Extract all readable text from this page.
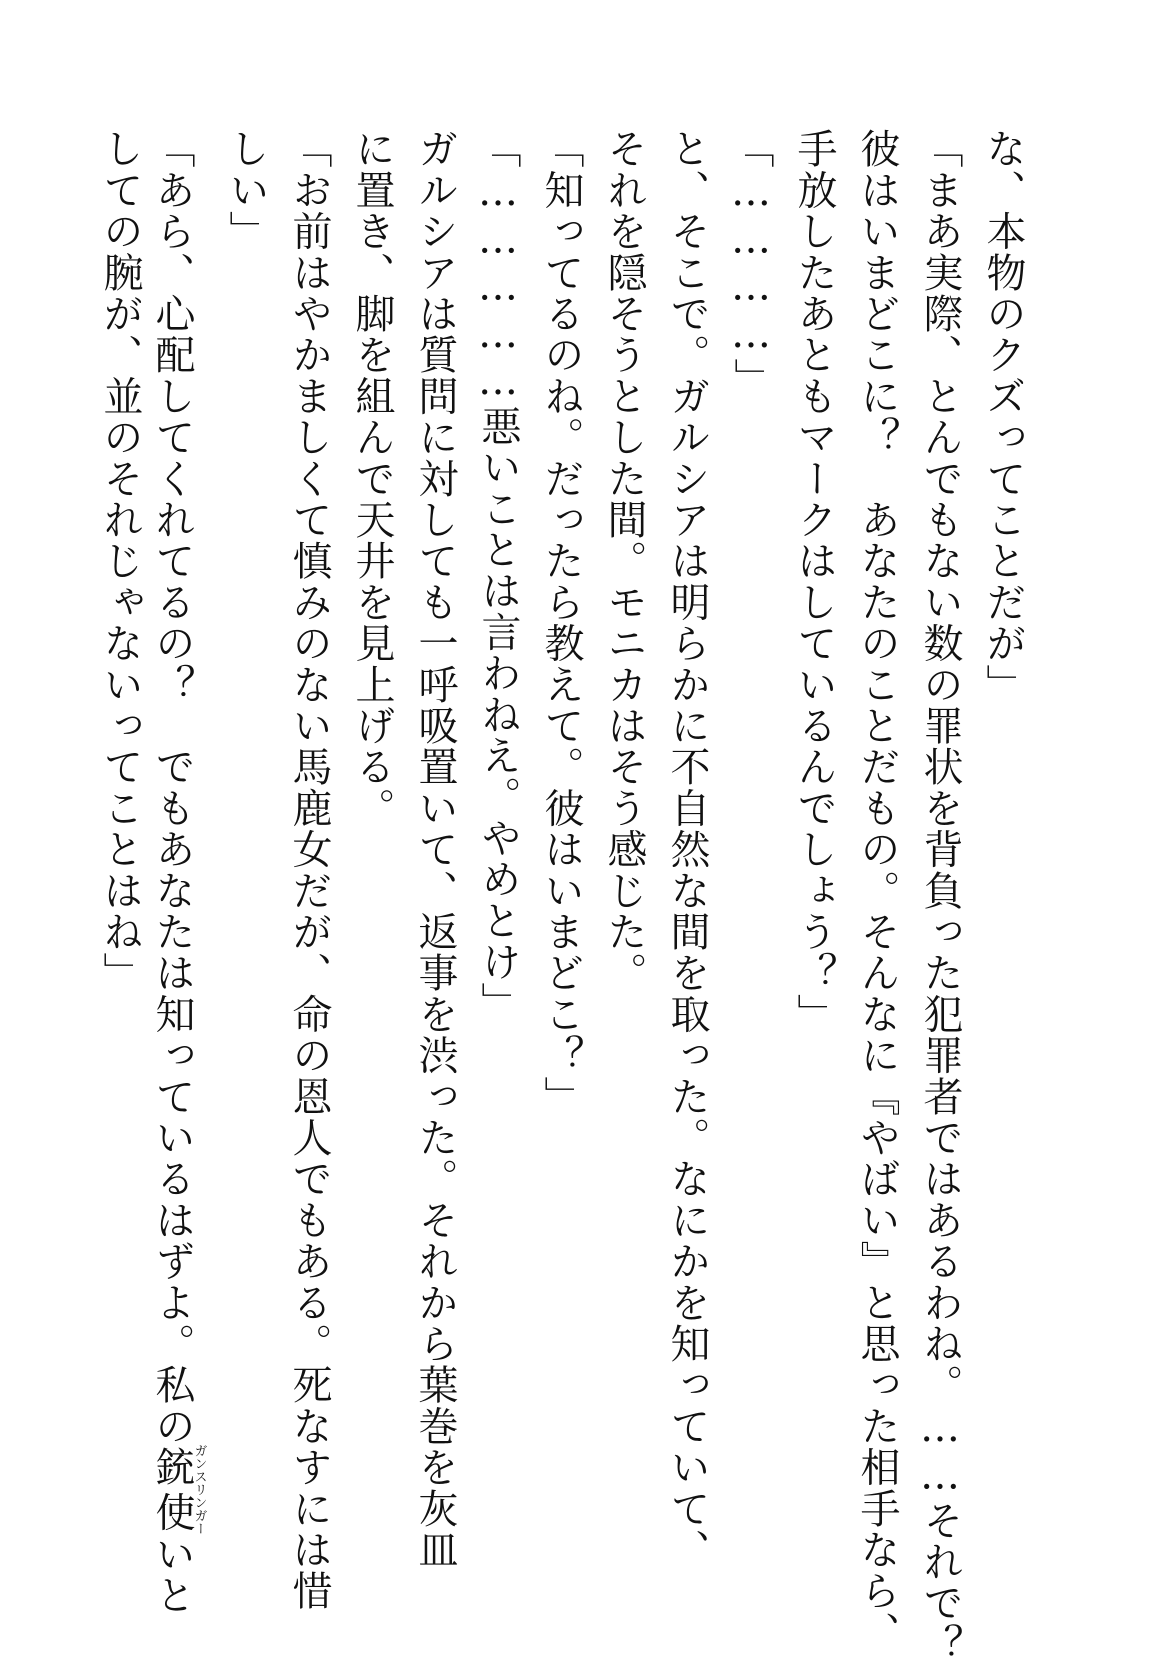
な、本物のクズってことだが」
「まあ実際、とんでもない数の罪状を背負った犯罪者ではあるわね。……それで？
彼はいまどこに？　あなたのことだもの。そんなに『やばい』と思った相手なら、
手放したあともマークはしているんでしょう？」
「…………」
と、そこで。ガルシアは明らかに不自然な間を取った。なにかを知っていて、
それを隠そうとした間。モニカはそう感じた。
「知ってるのね。だったら教えて。彼はいまどこ？」
「……………悪いことは言わねえ。やめとけ」
ガルシアは質問に対しても一呼吸置いて、返事を渋った。それから葉巻を灰皿
に置き、脚を組んで天井を見上げる。
「お前はやかましくて慎みのない馬鹿女だが、命の恩人でもある。死なすには惜
しい」
「あら、心配してくれてるの？　でもあなたは知っているはずよ。私の銃使ガンスリンガーいと
しての腕が、並のそれじゃないってことはね」
